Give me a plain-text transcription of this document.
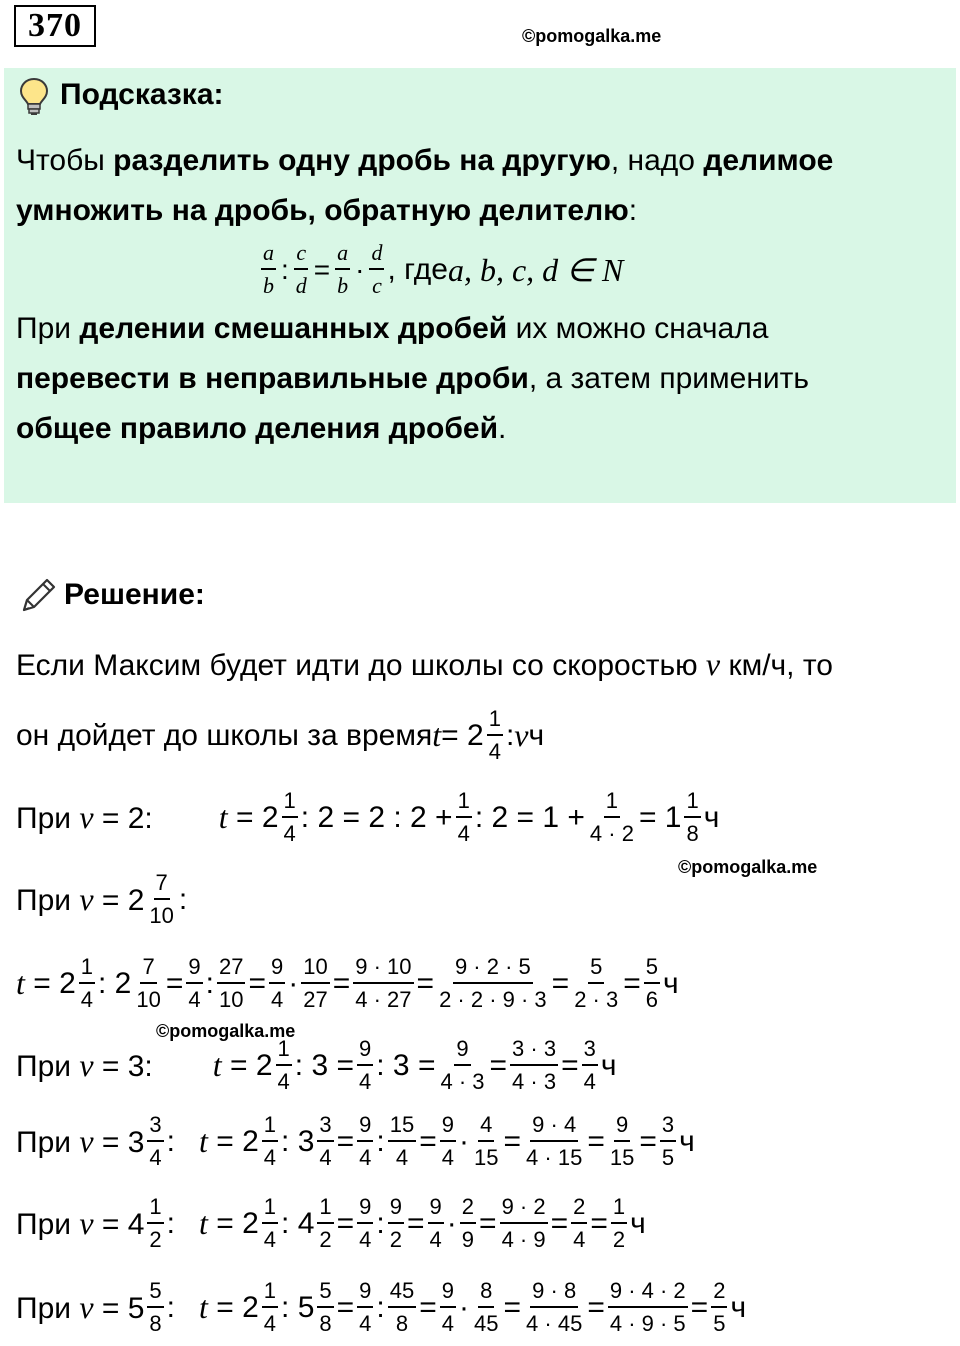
370	©pomogalka.me
Подсказка:
Чтобы разделить одну дробь на другую, надо делимое
умножить на дробь, обратную делителю:
$\frac{a}{b}$ : $\frac{c}{d} = \frac{a}{b} \cdot \frac{d}{c}$ , где a, b, c, d ∈ N
При делении смешанных дробей их можно сначала
перевести в неправильные дроби, а затем применить
общее правило деления дробей.
Решение:
Если Максим будет идти до школы со скоростью v км/ч, то
он дойдет до школы за время $t = 2 \frac{1}{4}$ : v ч
При v = 2: $t = 2 \frac{1}{4}$ : 2 = 2 : $2 + \frac{1}{4}$ : $2 = 1 + \frac{1}{4 \cdot 2} = 1 \frac{1}{8}$ ч
©pomogalka.me
При $v = 2 \frac{7}{10}$ :
$t = 2 \frac{1}{4}$ : $2 \frac{7}{10} = \frac{9}{4}$ : $\frac{27}{10} = \frac{9}{4} \cdot \frac{10}{27} = \frac{9 \cdot 10}{4 \cdot 27} = \frac{9 \cdot 2 \cdot 5}{2 \cdot 2 \cdot 9 \cdot 3} = \frac{5}{2 \cdot 3} = \frac{5}{6}$ ч
©pomogalka.me
При v = 3: $t = 2 \frac{1}{4}$ : $3 = \frac{9}{4}$ : $3 = \frac{9}{4 \cdot 3} = \frac{3 \cdot 3}{4 \cdot 3} = \frac{3}{4}$ ч
При $v = 3 \frac{3}{4}$ : $t = 2 \frac{1}{4}$ : $3 \frac{3}{4} = \frac{9}{4}$ : $\frac{15}{4} = \frac{9}{4} \cdot \frac{4}{15} = \frac{9 \cdot 4}{4 \cdot 15} = \frac{9}{15} = \frac{3}{5}$ ч
При $v = 4 \frac{1}{2}$ : $t = 2 \frac{1}{4}$ : $4 \frac{1}{2} = \frac{9}{4}$ : $\frac{9}{2} = \frac{9}{4} \cdot \frac{2}{9} = \frac{9 \cdot 2}{4 \cdot 9} = \frac{2}{4} = \frac{1}{2}$ ч
При $v = 5 \frac{5}{8}$ : $t = 2 \frac{1}{4}$ : $5 \frac{5}{8} = \frac{9}{4}$ : $\frac{45}{8} = \frac{9}{4} \cdot \frac{8}{45} = \frac{9 \cdot 8}{4 \cdot 45} = \frac{9 \cdot 4 \cdot 2}{4 \cdot 9 \cdot 5} = \frac{2}{5}$ ч
